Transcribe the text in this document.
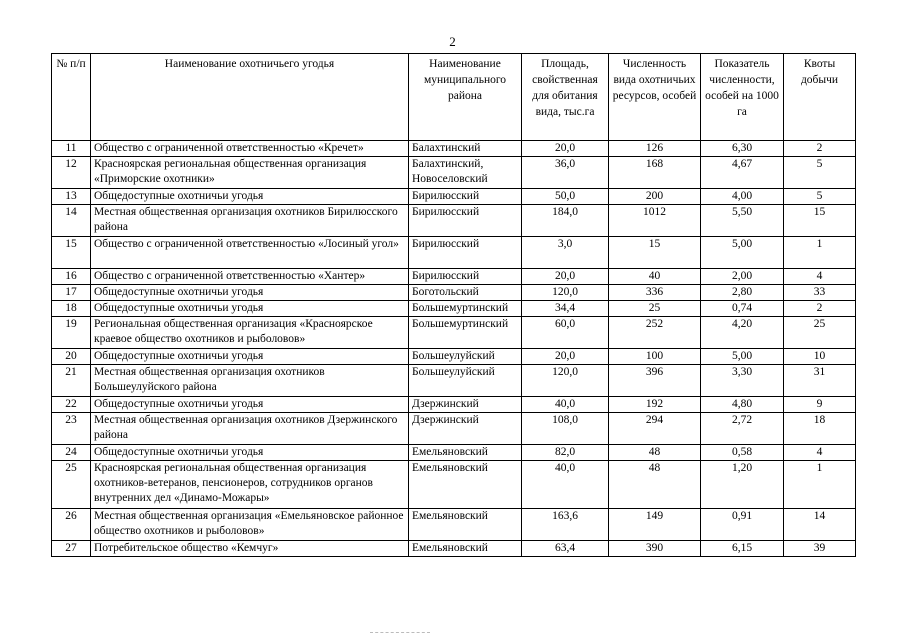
2
№ п/п	Наименование охотничьего угодья	Наименование муниципального района	Площадь, свойственная для обитания вида, тыс.га	Численность вида охотничьих ресурсов, особей	Показатель численности, особей на 1000 га	Квоты добычи
11	Общество с ограниченной ответственностью «Кречет»	Балахтинский	20,0	126	6,30	2
12	Красноярская региональная общественная организация «Приморские охотники»	Балахтинский, Новоселовский	36,0	168	4,67	5
13	Общедоступные охотничьи угодья	Бирилюсский	50,0	200	4,00	5
14	Местная общественная организация охотников Бирилюсского района	Бирилюсский	184,0	1012	5,50	15
15	Общество с ограниченной ответственностью «Лосиный угол»	Бирилюсский	3,0	15	5,00	1
16	Общество с ограниченной ответственностью «Хантер»	Бирилюсский	20,0	40	2,00	4
17	Общедоступные охотничьи угодья	Боготольский	120,0	336	2,80	33
18	Общедоступные охотничьи угодья	Большемуртинский	34,4	25	0,74	2
19	Региональная общественная организация «Красноярское краевое общество охотников и рыболовов»	Большемуртинский	60,0	252	4,20	25
20	Общедоступные охотничьи угодья	Большеулуйский	20,0	100	5,00	10
21	Местная общественная организация охотников Большеулуйского района	Большеулуйский	120,0	396	3,30	31
22	Общедоступные охотничьи угодья	Дзержинский	40,0	192	4,80	9
23	Местная общественная организация охотников Дзержинского района	Дзержинский	108,0	294	2,72	18
24	Общедоступные охотничьи угодья	Емельяновский	82,0	48	0,58	4
25	Красноярская региональная общественная организация охотников-ветеранов, пенсионеров, сотрудников органов внутренних дел «Динамо-Можары»	Емельяновский	40,0	48	1,20	1
26	Местная общественная организация «Емельяновское районное общество охотников и рыболовов»	Емельяновский	163,6	149	0,91	14
27	Потребительское общество «Кемчуг»	Емельяновский	63,4	390	6,15	39
